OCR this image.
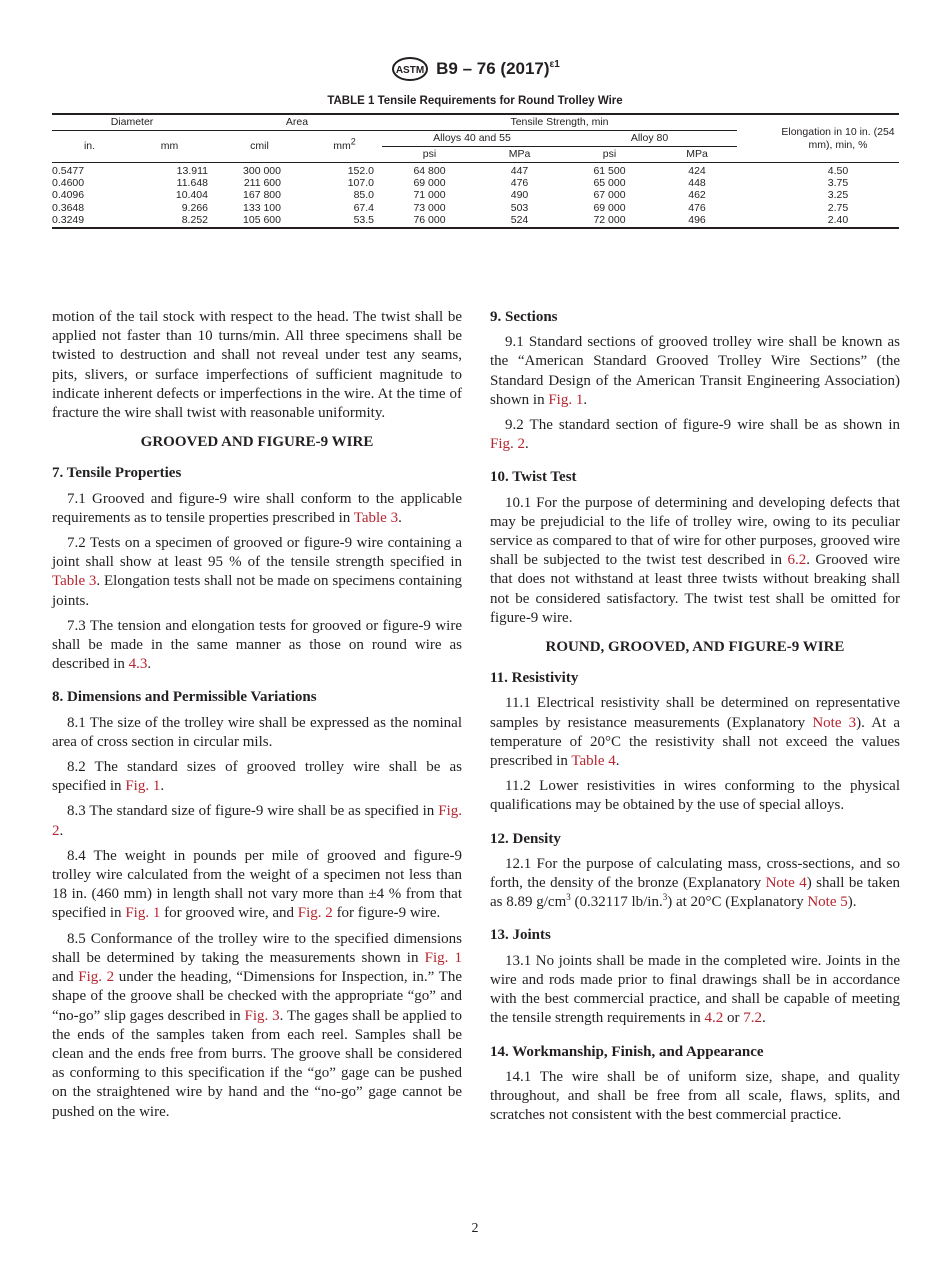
ASTM B9 – 76 $(2017)^{\varepsilon 1}$
TABLE 1 Tensile Requirements for Round Trolley Wire
Diameter		Area		Tensile Strength, min				Elongation in 10 in. (254 mm), min, %
in.	mm	cmil	$mm^2$	Alloys 40 and 55		Alloy 80		
				psi	MPa	psi	MPa	
0.5477	13.911	300 000	152.0	64 800	447	61 500	424	4.50
0.4600	11.648	211 600	107.0	69 000	476	65 000	448	3.75
0.4096	10.404	167 800	85.0	71 000	490	67 000	462	3.25
0.3648	9.266	133 100	67.4	73 000	503	69 000	476	2.75
0.3249	8.252	105 600	53.5	76 000	524	72 000	496	2.40

motion of the tail stock with respect to the head. The twist shall be applied not faster than 10 turns/min. All three specimens shall be twisted to destruction and shall not reveal under test any seams, pits, slivers, or surface imperfections of sufficient magnitude to indicate inherent defects or imperfections in the wire. At the time of fracture the wire shall twist with reasonable uniformity.

GROOVED AND FIGURE-9 WIRE
7. Tensile Properties

7.1 Grooved and figure-9 wire shall conform to the applicable requirements as to tensile properties prescribed in Table 3.

7.2 Tests on a specimen of grooved or figure-9 wire containing a joint shall show at least 95 % of the tensile strength specified in Table 3. Elongation tests shall not be made on specimens containing joints.

7.3 The tension and elongation tests for grooved or figure-9 wire shall be made in the same manner as those on round wire as described in 4.3.

8. Dimensions and Permissible Variations

8.1 The size of the trolley wire shall be expressed as the nominal area of cross section in circular mils.

8.2 The standard sizes of grooved trolley wire shall be as specified in Fig. 1.

8.3 The standard size of figure-9 wire shall be as specified in Fig. 2.

8.4 The weight in pounds per mile of grooved and figure-9 trolley wire calculated from the weight of a specimen not less than 18 in. (460 mm) in length shall not vary more than ±4 % from that specified in Fig. 1 for grooved wire, and Fig. 2 for figure-9 wire.

8.5 Conformance of the trolley wire to the specified dimensions shall be determined by taking the measurements shown in Fig. 1 and Fig. 2 under the heading, “Dimensions for Inspection, in.” The shape of the groove shall be checked with the appropriate “go” and “no-go” slip gages described in Fig. 3. The gages shall be applied to the ends of the samples taken from each reel. Samples shall be clean and the ends free from burrs. The groove shall be considered as conforming to this specification if the “go” gage can be pushed on the straightened wire by hand and the “no-go” gage cannot be pushed on the wire.

9. Sections

9.1 Standard sections of grooved trolley wire shall be known as the “American Standard Grooved Trolley Wire Sections” (the Standard Design of the American Transit Engineering Association) shown in Fig. 1.

9.2 The standard section of figure-9 wire shall be as shown in Fig. 2.

10. Twist Test

10.1 For the purpose of determining and developing defects that may be prejudicial to the life of trolley wire, owing to its peculiar service as compared to that of wire for other purposes, grooved wire shall be subjected to the twist test described in 6.2. Grooved wire that does not withstand at least three twists without breaking shall not be considered satisfactory. The twist test shall be omitted for figure-9 wire.

ROUND, GROOVED, AND FIGURE-9 WIRE
11. Resistivity

11.1 Electrical resistivity shall be determined on representative samples by resistance measurements (Explanatory Note 3). At a temperature of 20°C the resistivity shall not exceed the values prescribed in Table 4.

11.2 Lower resistivities in wires conforming to the physical qualifications may be obtained by the use of special alloys.

12. Density

12.1 For the purpose of calculating mass, cross-sections, and so forth, the density of the bronze (Explanatory Note 4) shall be taken as 8.89 $g/cm^3$ (0.32117 lb/in.$^3$) at 20°C (Explanatory Note 5).

13. Joints

13.1 No joints shall be made in the completed wire. Joints in the wire and rods made prior to final drawings shall be in accordance with the best commercial practice, and shall be capable of meeting the tensile strength requirements in 4.2 or 7.2.

14. Workmanship, Finish, and Appearance

14.1 The wire shall be of uniform size, shape, and quality throughout, and shall be free from all scale, flaws, splits, and scratches not consistent with the best commercial practice.

2
